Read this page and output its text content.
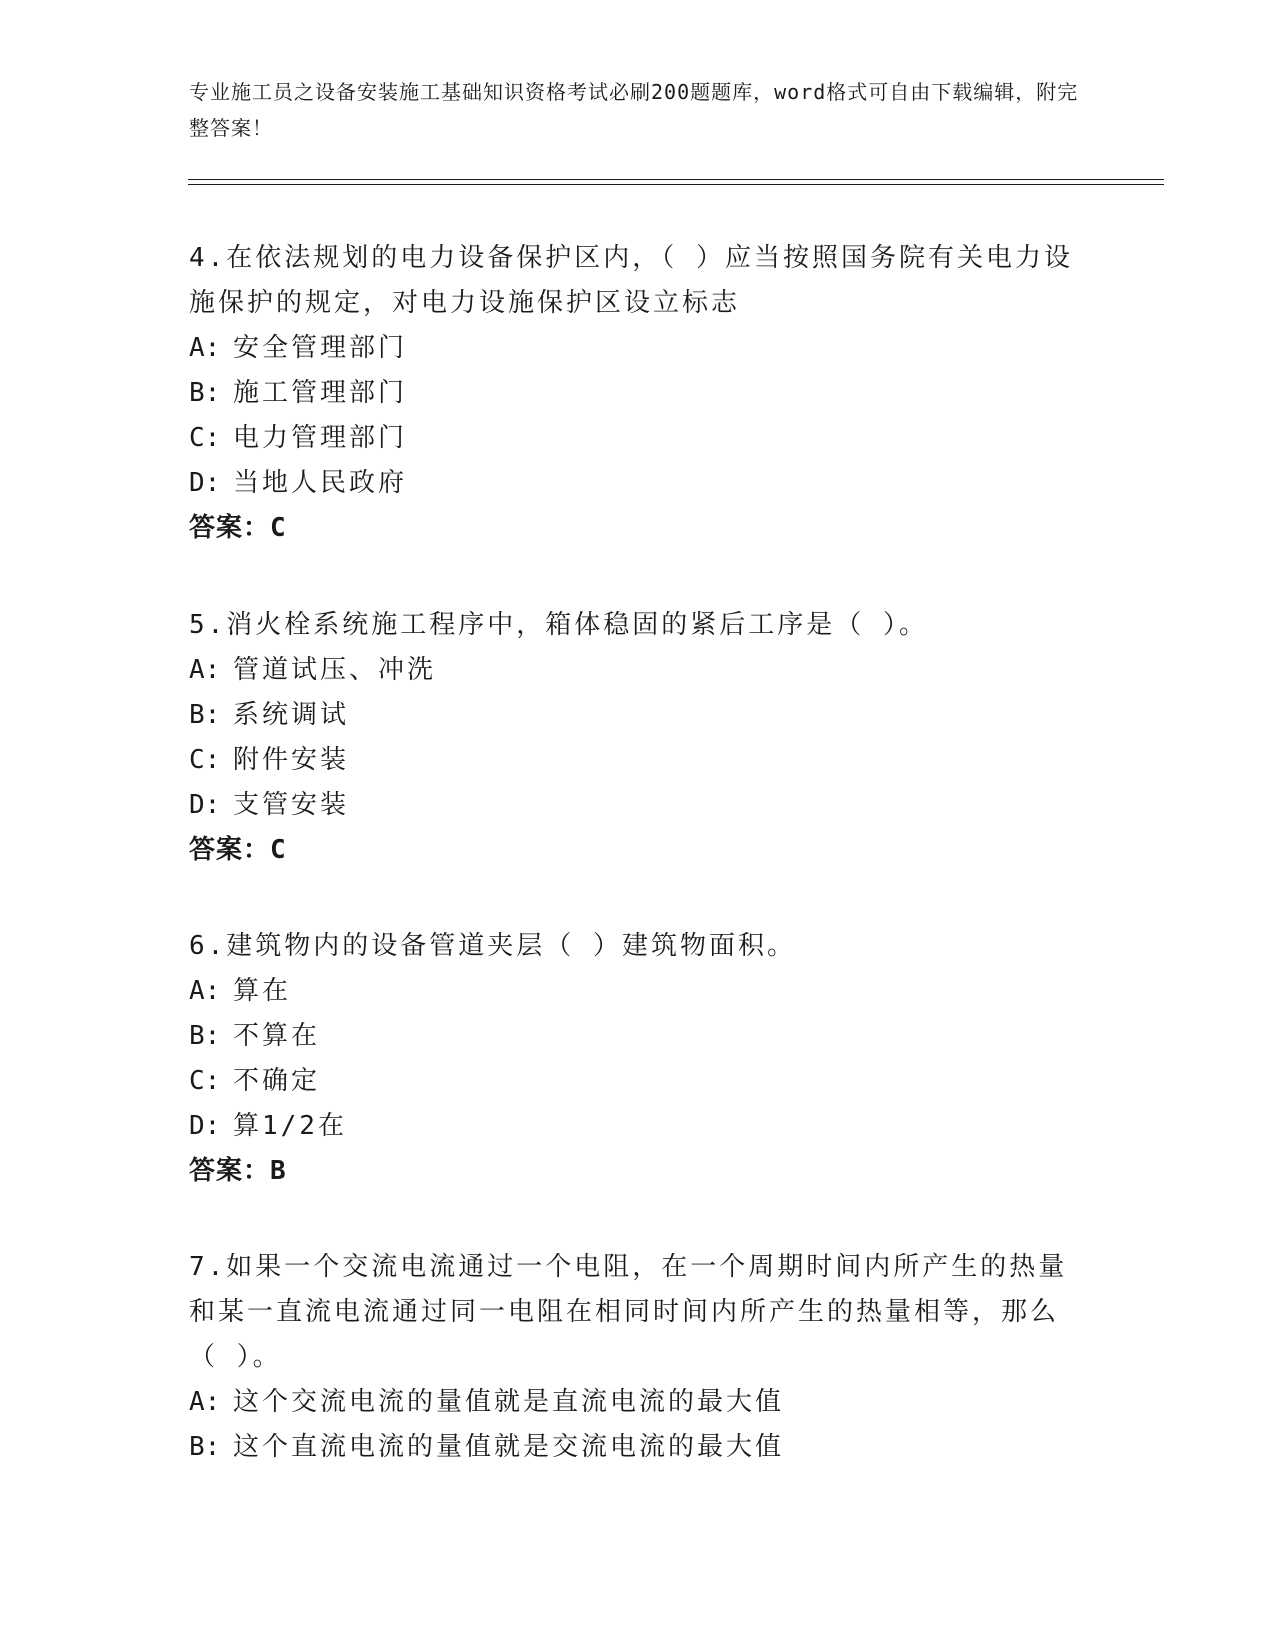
专业施工员之设备安装施工基础知识资格考试必刷200题题库，word格式可自由下载编辑，附完整答案！

4.在依法规划的电力设备保护区内，（ ）应当按照国务院有关电力设施保护的规定，对电力设施保护区设立标志

A: 安全管理部门

B: 施工管理部门

C: 电力管理部门

D: 当地人民政府

答案：C

5.消火栓系统施工程序中，箱体稳固的紧后工序是（ ）。

A: 管道试压、冲洗

B: 系统调试

C: 附件安装

D: 支管安装

答案：C

6.建筑物内的设备管道夹层（ ）建筑物面积。

A: 算在

B: 不算在

C: 不确定

D: 算1/2在

答案：B

7.如果一个交流电流通过一个电阻，在一个周期时间内所产生的热量和某一直流电流通过同一电阻在相同时间内所产生的热量相等，那么（ ）。

A: 这个交流电流的量值就是直流电流的最大值

B: 这个直流电流的量值就是交流电流的最大值
